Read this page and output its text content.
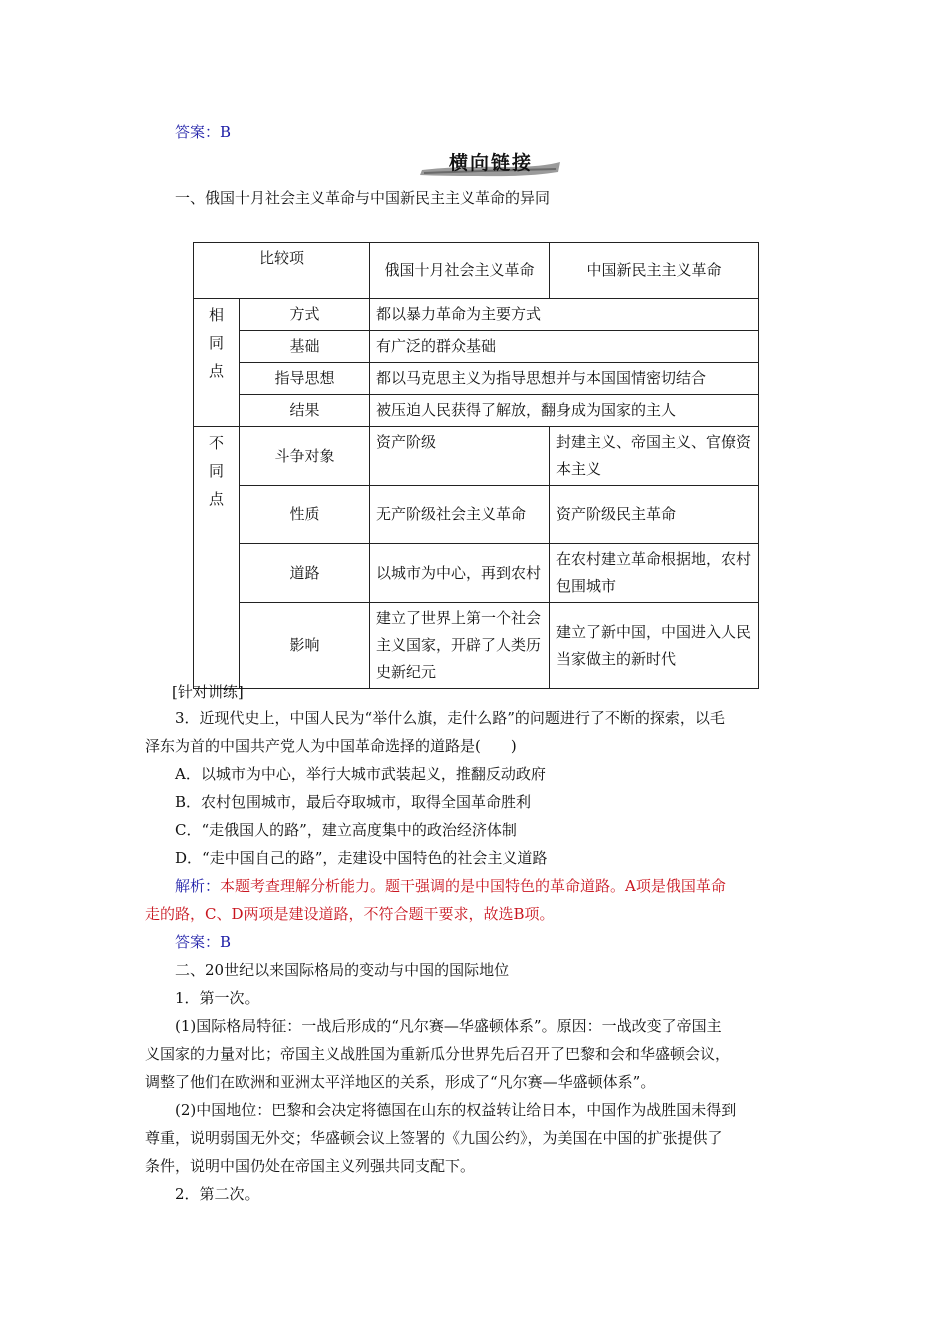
答案：B
横向链接
一、俄国十月社会主义革命与中国新民主主义革命的异同
比较项		俄国十月社会主义革命	中国新民主主义革命

相
同
点	方式	都以暴力革命为主要方式	
	基础	有广泛的群众基础	
	指导思想	都以马克思主义为指导思想并与本国国情密切结合	
	结果	被压迫人民获得了解放，翻身成为国家的主人	

不
同
点	斗争对象	资产阶级	封建主义、帝国主义、官僚资本主义
	性质	无产阶级社会主义革命	资产阶级民主革命
	道路	以城市为中心，再到农村	在农村建立革命根据地，农村包围城市
	影响	建立了世界上第一个社会主义国家，开辟了人类历史新纪元	建立了新中国，中国进入人民当家做主的新时代
[针对训练]
3．近现代史上，中国人民为“举什么旗，走什么路”的问题进行了不断的探索，以毛
泽东为首的中国共产党人为中国革命选择的道路是(　　)
A．以城市为中心，举行大城市武装起义，推翻反动政府
B．农村包围城市，最后夺取城市，取得全国革命胜利
C．“走俄国人的路”，建立高度集中的政治经济体制
D．“走中国自己的路”，走建设中国特色的社会主义道路
解析：本题考查理解分析能力。题干强调的是中国特色的革命道路。A项是俄国革命
走的路，C、D两项是建设道路，不符合题干要求，故选B项。
答案：B
二、20世纪以来国际格局的变动与中国的国际地位
1．第一次。
(1)国际格局特征：一战后形成的“凡尔赛—华盛顿体系”。原因：一战改变了帝国主
义国家的力量对比；帝国主义战胜国为重新瓜分世界先后召开了巴黎和会和华盛顿会议，
调整了他们在欧洲和亚洲太平洋地区的关系，形成了“凡尔赛—华盛顿体系”。
(2)中国地位：巴黎和会决定将德国在山东的权益转让给日本，中国作为战胜国未得到
尊重，说明弱国无外交；华盛顿会议上签署的《九国公约》，为美国在中国的扩张提供了
条件，说明中国仍处在帝国主义列强共同支配下。
2．第二次。
